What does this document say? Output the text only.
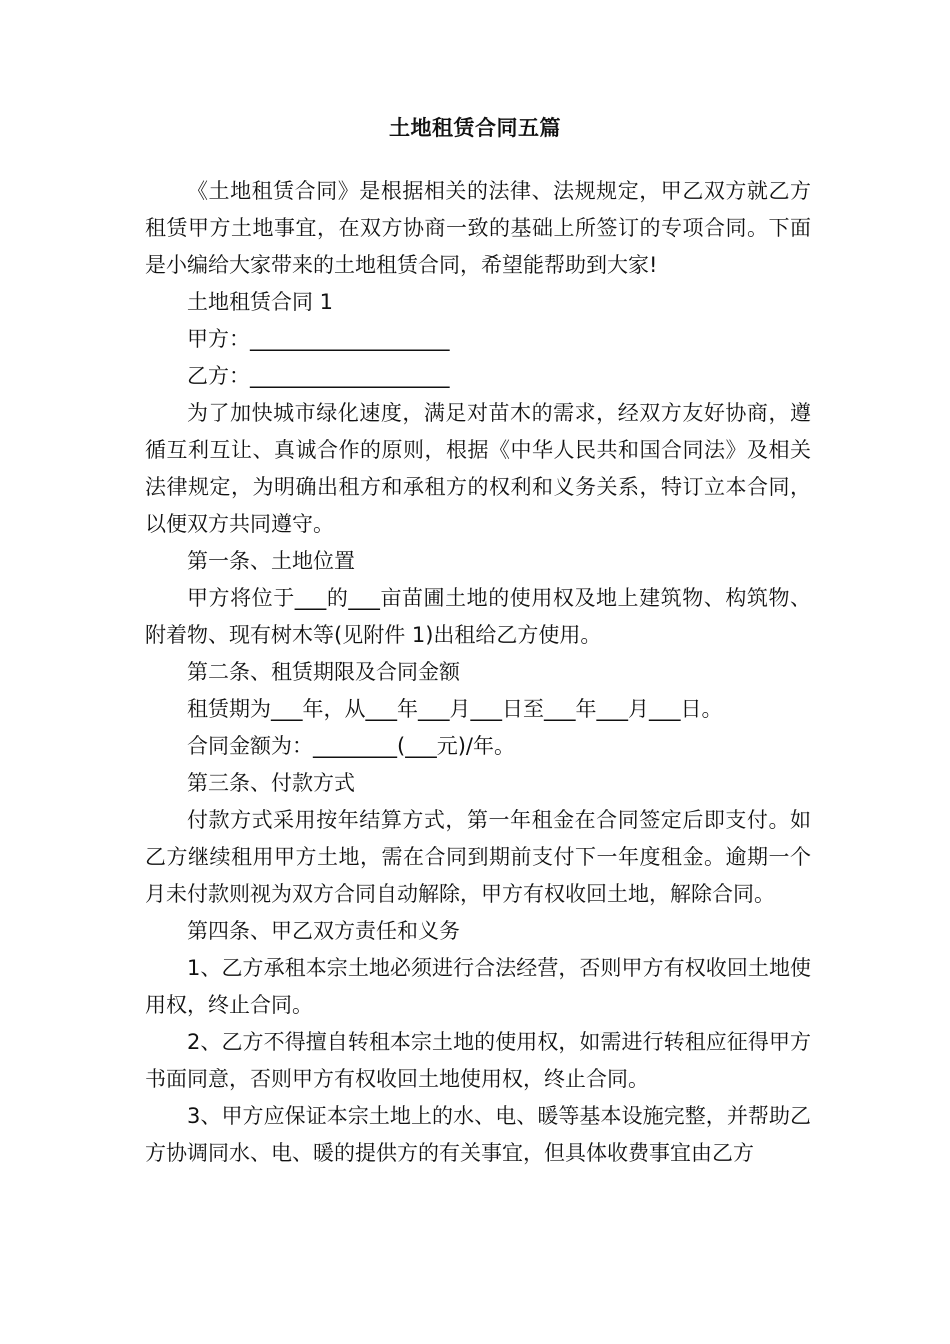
土地租赁合同五篇

《土地租赁合同》是根据相关的法律、法规规定，甲乙双方就乙方租赁甲方土地事宜，在双方协商一致的基础上所签订的专项合同。下面是小编给大家带来的土地租赁合同，希望能帮助到大家!

土地租赁合同 1

甲方：___________________

乙方：___________________

为了加快城市绿化速度，满足对苗木的需求，经双方友好协商，遵循互利互让、真诚合作的原则，根据《中华人民共和国合同法》及相关法律规定，为明确出租方和承租方的权利和义务关系，特订立本合同，以便双方共同遵守。

第一条、土地位置

甲方将位于___的___亩苗圃土地的使用权及地上建筑物、构筑物、附着物、现有树木等(见附件 1)出租给乙方使用。

第二条、租赁期限及合同金额

租赁期为___年，从___年___月___日至___年___月___日。

合同金额为：________(___元)/年。

第三条、付款方式

付款方式采用按年结算方式，第一年租金在合同签定后即支付。如乙方继续租用甲方土地，需在合同到期前支付下一年度租金。逾期一个月未付款则视为双方合同自动解除，甲方有权收回土地，解除合同。

第四条、甲乙双方责任和义务

1、乙方承租本宗土地必须进行合法经营，否则甲方有权收回土地使用权，终止合同。

2、乙方不得擅自转租本宗土地的使用权，如需进行转租应征得甲方书面同意，否则甲方有权收回土地使用权，终止合同。

3、甲方应保证本宗土地上的水、电、暖等基本设施完整，并帮助乙方协调同水、电、暖的提供方的有关事宜，但具体收费事宜由乙方
